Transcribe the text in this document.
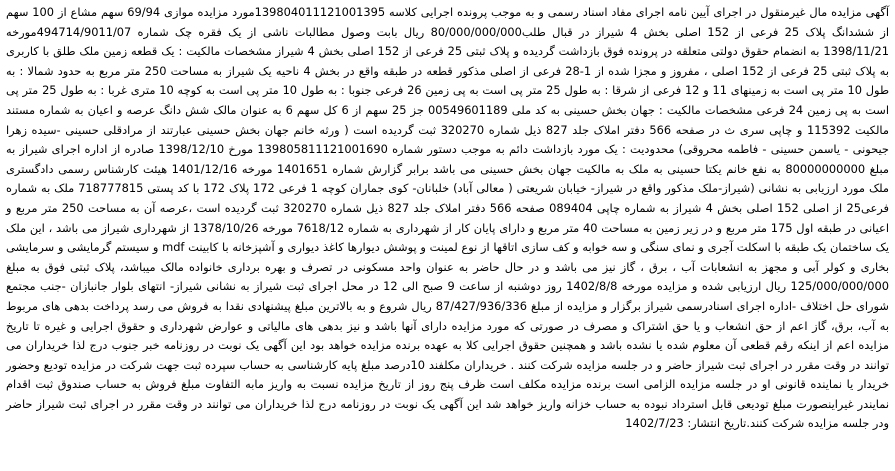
آگهی مزایده مال غیرمنقول در اجرای آیین نامه اجرای مفاد اسناد رسمی و به موجب پرونده اجرایی کلاسه 139804011121001395مورد مزایده موازی 69/94 سهم مشاع از 100 سهم از ششدانگ پلاک 25 فرعی از 152 اصلی بخش 4 شیراز در قبال طلب80/000/000/000 ریال بابت وصول مطالبات ناشی از یک فقره چک شماره 494714/9011/07مورخه 1398/11/21 به انضمام حقوق دولتی متعلقه در پرونده فوق بازداشت گردیده و پلاک ثبتی 25 فرعی از 152 اصلی بخش 4 شیراز مشخصات مالکیت : یک قطعه زمین ملک طلق با کاربری به پلاک ثبتی 25 فرعی از 152 اصلی ، مفروز و مجزا شده از 1-28 فرعی از اصلی مذکور قطعه در طبقه واقع در بخش 4 ناحیه یک شیراز به مساحت 250 متر مربع به حدود شمالا : به طول 10 متر پی است به زمینهای 11 و 12 فرعی از شرقا : به طول 25 متر پی است به پی زمین 26 فرعی جنوبا : به طول 10 متر پی است به کوچه 10 متری غربا : به طول 25 متر پی است به پی زمین 24 فرعی مشخصات مالکیت : جهان بخش حسینی به کد ملی 00549601189 جز 25 سهم از 6 کل سهم 6 به عنوان مالک شش دانگ عرصه و اعیان به شماره مستند مالکیت 115392 و چاپی سری ث در صفحه 566 دفتر املاک جلد 827 ذیل شماره 320270 ثبت گردیده است ( ورثه خانم جهان بخش حسینی عبارتند از مرادقلی حسینی -سیده زهرا جیحونی - یاسمن حسینی - فاطمه محروقی) محدودیت : یک مورد بازداشت دائم به موجب دستور شماره 139805811121001690 مورخ 1398/12/10 صادره از اداره اجرای شیراز به مبلغ 80000000000 به نفع خانم یکتا حسینی به ملک به مالکیت جهان بخش حسینی می باشد برابر گزارش شماره 1401651 مورخه 1401/12/16 هیئت کارشناس رسمی دادگستری ملک مورد ارزیابی به نشانی (شیراز-ملک مذکور واقع در شیراز- خیابان شریعتی ( معالی آباد) خلبانان- کوی جماران کوچه 1 فرعی 172 پلاک 172 با کد پستی 718777815 ملک به شماره فرعی25 از اصلی 152 اصلی بخش 4 شیراز به شماره چاپی 089404 صفحه 566 دفتر املاک جلد 827 ذیل شماره 320270 ثبت گردیده است ،عرصه آن به مساحت 250 متر مربع و اعیانی در طبقه اول 175 متر مربع و در زیر زمین به مساحت 40 متر مربع و دارای پایان کار از شهرداری به شماره 7618/12 مورخه 1378/10/26 از شهرداری شیراز می باشد ، این ملک یک ساختمان یک طبقه با اسکلت آجری و نمای سنگی و سه خوابه و کف سازی اتاقها از نوع لمینت و پوشش دیوارها کاغذ دیواری و آشپزخانه با کابینت mdf و سیستم گرمایشی و سرمایشی بخاری و کولر آبی و مجهز به انشعابات آب ، برق ، گاز نیز می باشد و در حال حاضر به عنوان واحد مسکونی در تصرف و بهره برداری خانواده مالک میباشد، پلاک ثبتی فوق به مبلغ 125/000/000/000 ریال ارزیابی شده و مزایده مورخه 1402/8/8 روز دوشنبه از ساعت 9 صبح الی 12 در محل اجرای ثبت شیراز به نشانی شیراز- انتهای بلوار جانبازان -جنب مجتمع شورای حل اختلاف -اداره اجرای اسنادرسمی شیراز برگزار و مزایده از مبلغ 87/427/936/336 ریال شروع و به بالاترین مبلغ پیشنهادی نقدا به فروش می رسد پرداخت بدهی های مربوط به آب، برق، گاز اعم از حق انشعاب و یا حق اشتراک و مصرف در صورتی که مورد مزایده دارای آنها باشد و نیز بدهی های مالیاتی و عوارض شهرداری و حقوق اجرایی و غیره تا تاریخ مزایده اعم از اینکه رقم قطعی آن معلوم شده یا نشده باشد و همچنین حقوق اجرایی کلا به عهده برنده مزایده خواهد بود این آگهی یک نوبت در روزنامه خبر جنوب درج لذا خریداران می توانند در وقت مقرر در اجرای ثبت شیراز حاضر و در جلسه مزایده شرکت کنند . خریداران مکلفند 10درصد مبلغ پایه کارشناسی به حساب سپرده ثبت جهت شرکت در مزایده تودیع وحضور خریدار یا نماینده قانونی او در جلسه مزایده الزامی است برنده مزایده مکلف است ظرف پنج روز از تاریخ مزایده نسبت به واریز مابه التفاوت مبلغ فروش به حساب صندوق ثبت اقدام نمایندر غیراینصورت مبلغ تودیعی قابل استرداد نبوده به حساب خزانه واریز خواهد شد این آگهی یک نوبت در روزنامه درج لذا خریداران می توانند در وقت مقرر در اجرای ثبت شیراز حاضر ودر جلسه مزایده شرکت کنند.تاریخ انتشار: 1402/7/23
